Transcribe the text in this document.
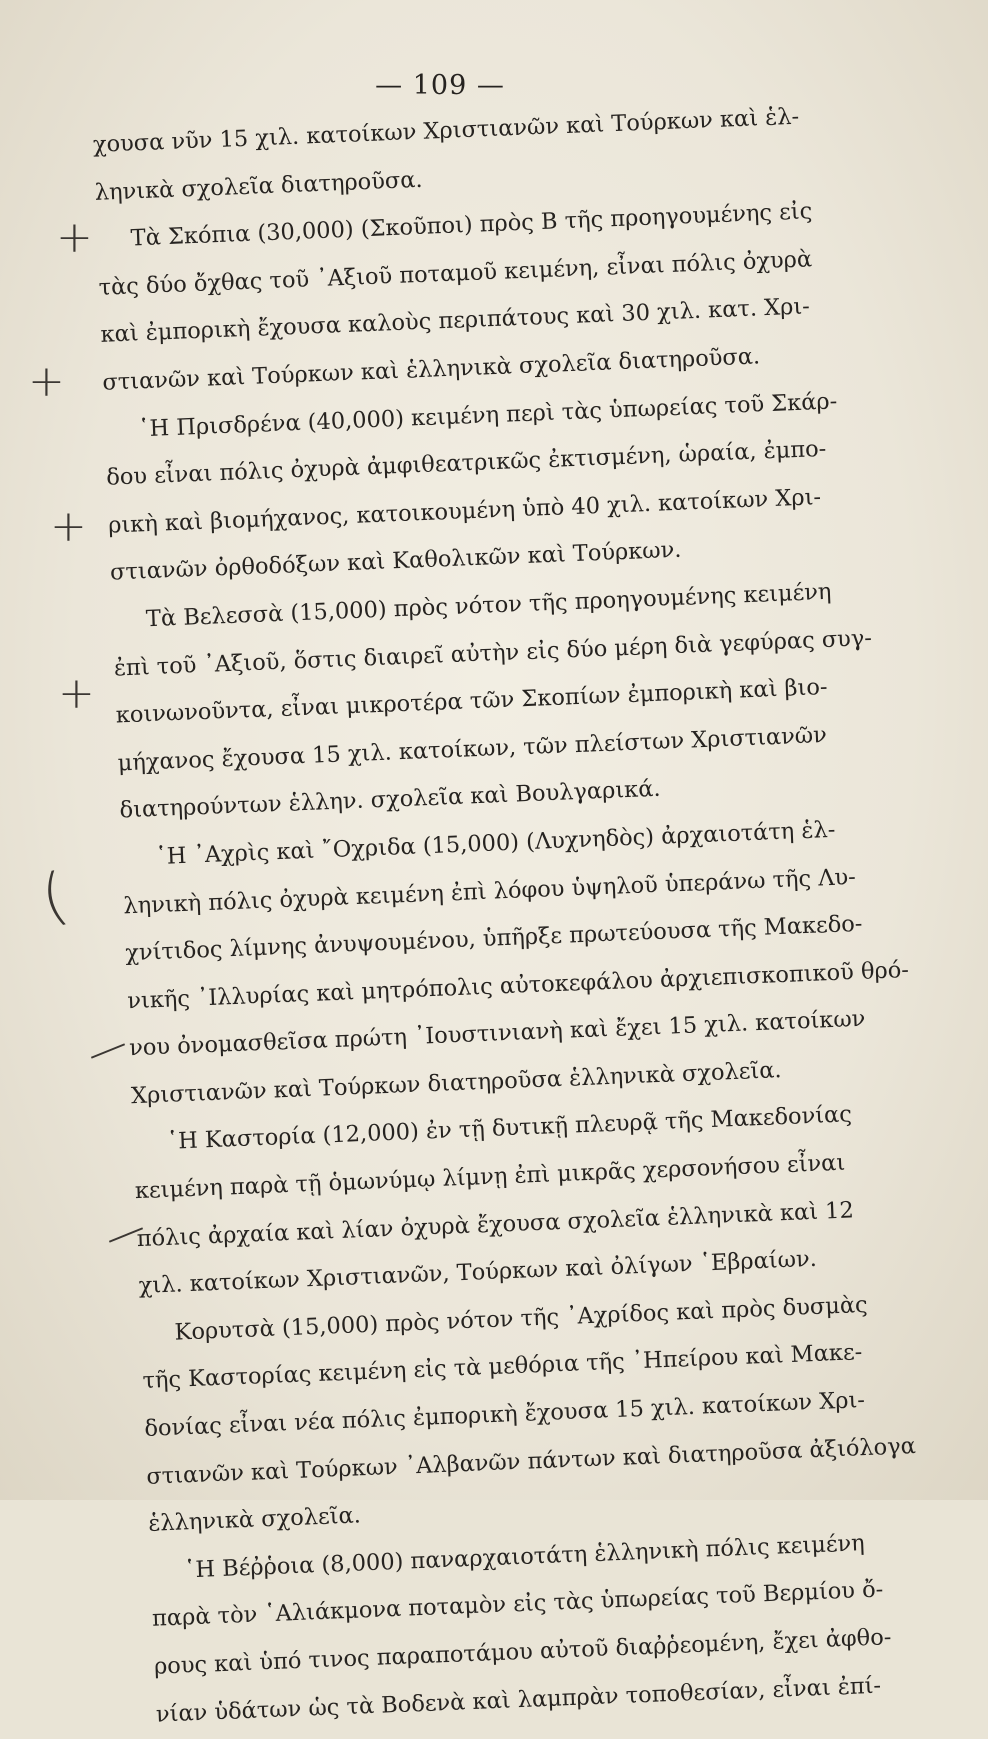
— 109 —
χουσα νῦν 15 χιλ. κατοίκων Χριστιανῶν καὶ Τούρκων καὶ ἑλ-
ληνικὰ σχολεῖα διατηροῦσα.
Τὰ Σκόπια (30,000) (Σκοῦποι) πρὸς Β τῆς προηγουμένης εἰς
τὰς δύο ὄχθας τοῦ ᾿Αξιοῦ ποταμοῦ κειμένη, εἶναι πόλις ὀχυρὰ
καὶ ἐμπορικὴ ἔχουσα καλοὺς περιπάτους καὶ 30 χιλ. κατ. Χρι-
στιανῶν καὶ Τούρκων καὶ ἑλληνικὰ σχολεῖα διατηροῦσα.
῾Η Πρισδρένα (40,000) κειμένη περὶ τὰς ὑπωρείας τοῦ Σκάρ-
δου εἶναι πόλις ὀχυρὰ ἀμφιθεατρικῶς ἐκτισμένη, ὡραία, ἐμπο-
ρικὴ καὶ βιομήχανος, κατοικουμένη ὑπὸ 40 χιλ. κατοίκων Χρι-
στιανῶν ὀρθοδόξων καὶ Καθολικῶν καὶ Τούρκων.
Τὰ Βελεσσὰ (15,000) πρὸς νότον τῆς προηγουμένης κειμένη
ἐπὶ τοῦ ᾿Αξιοῦ, ὅστις διαιρεῖ αὐτὴν εἰς δύο μέρη διὰ γεφύρας συγ-
κοινωνοῦντα, εἶναι μικροτέρα τῶν Σκοπίων ἐμπορικὴ καὶ βιο-
μήχανος ἔχουσα 15 χιλ. κατοίκων, τῶν πλείστων Χριστιανῶν
διατηρούντων ἑλλην. σχολεῖα καὶ Βουλγαρικά.
῾Η ᾿Αχρὶς καὶ ῎Οχριδα (15,000) (Λυχνηδὸς) ἀρχαιοτάτη ἑλ-
ληνικὴ πόλις ὀχυρὰ κειμένη ἐπὶ λόφου ὑψηλοῦ ὑπεράνω τῆς Λυ-
χνίτιδος λίμνης ἀνυψουμένου, ὑπῆρξε πρωτεύουσα τῆς Μακεδο-
νικῆς ᾿Ιλλυρίας καὶ μητρόπολις αὐτοκεφάλου ἀρχιεπισκοπικοῦ θρό-
νου ὀνομασθεῖσα πρώτη ᾿Ιουστινιανὴ καὶ ἔχει 15 χιλ. κατοίκων
Χριστιανῶν καὶ Τούρκων διατηροῦσα ἑλληνικὰ σχολεῖα.
῾Η Καστορία (12,000) ἐν τῇ δυτικῇ πλευρᾷ τῆς Μακεδονίας
κειμένη παρὰ τῇ ὁμωνύμῳ λίμνῃ ἐπὶ μικρᾶς χερσονήσου εἶναι
πόλις ἀρχαία καὶ λίαν ὀχυρὰ ἔχουσα σχολεῖα ἑλληνικὰ καὶ 12
χιλ. κατοίκων Χριστιανῶν, Τούρκων καὶ ὀλίγων ῾Εβραίων.
Κορυτσὰ (15,000) πρὸς νότον τῆς ᾿Αχρίδος καὶ πρὸς δυσμὰς
τῆς Καστορίας κειμένη εἰς τὰ μεθόρια τῆς ᾿Ηπείρου καὶ Μακε-
δονίας εἶναι νέα πόλις ἐμπορικὴ ἔχουσα 15 χιλ. κατοίκων Χρι-
στιανῶν καὶ Τούρκων ᾿Αλβανῶν πάντων καὶ διατηροῦσα ἀξιόλογα
ἑλληνικὰ σχολεῖα.
῾Η Βέῤῥοια (8,000) παναρχαιοτάτη ἑλληνικὴ πόλις κειμένη
παρὰ τὸν ῾Αλιάκμονα ποταμὸν εἰς τὰς ὑπωρείας τοῦ Βερμίου ὄ-
ρους καὶ ὑπό τινος παραποτάμου αὐτοῦ διαῤῥεομένη, ἔχει ἀφθο-
νίαν ὑδάτων ὡς τὰ Βοδενὰ καὶ λαμπρὰν τοποθεσίαν, εἶναι ἐπί-
+
+
+
+
(
